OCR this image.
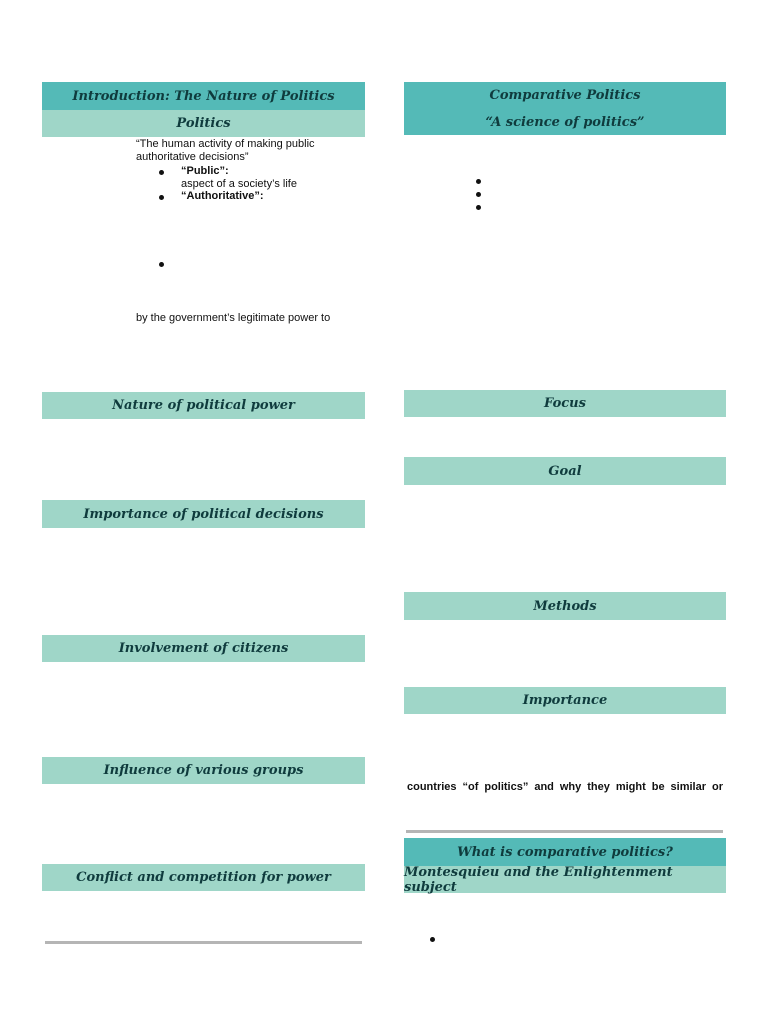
Introduction: The Nature of Politics
Politics
“The human activity of making public
authoritative decisions”
“Public”:
aspect of a society’s life
“Authoritative”:
by the government’s legitimate power to
Nature of political power
Importance of political decisions
Involvement of citizens
Influence of various groups
Conflict and competition for power
Comparative Politics
“A science of politics”
Focus
Goal
Methods
Importance
countries “of politics” and why they might be similar or
What is comparative politics?
Montesquieu and the Enlightenment subject
